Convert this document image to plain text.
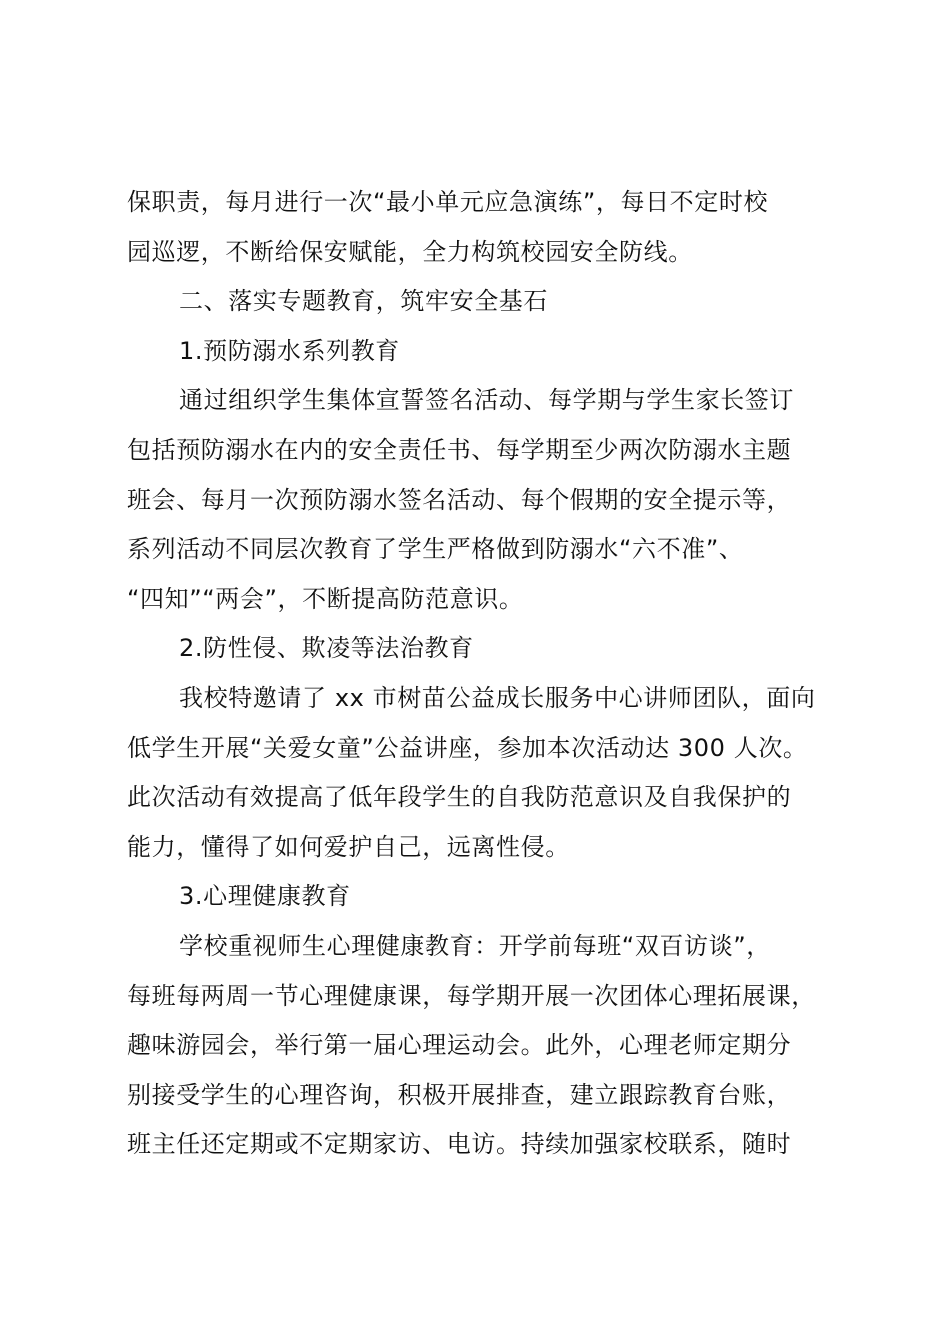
保职责，每月进行一次“最小单元应急演练”，每日不定时校
园巡逻，不断给保安赋能，全力构筑校园安全防线。
二、落实专题教育，筑牢安全基石
1.预防溺水系列教育
通过组织学生集体宣誓签名活动、每学期与学生家长签订
包括预防溺水在内的安全责任书、每学期至少两次防溺水主题
班会、每月一次预防溺水签名活动、每个假期的安全提示等，
系列活动不同层次教育了学生严格做到防溺水“六不准”、
“四知”“两会”，不断提高防范意识。
2.防性侵、欺凌等法治教育
我校特邀请了 xx 市树苗公益成长服务中心讲师团队，面向
低学生开展“关爱女童”公益讲座，参加本次活动达 300 人次。
此次活动有效提高了低年段学生的自我防范意识及自我保护的
能力，懂得了如何爱护自己，远离性侵。
3.心理健康教育
学校重视师生心理健康教育：开学前每班“双百访谈”，
每班每两周一节心理健康课，每学期开展一次团体心理拓展课，
趣味游园会，举行第一届心理运动会。此外，心理老师定期分
别接受学生的心理咨询，积极开展排查，建立跟踪教育台账，
班主任还定期或不定期家访、电访。持续加强家校联系，随时
